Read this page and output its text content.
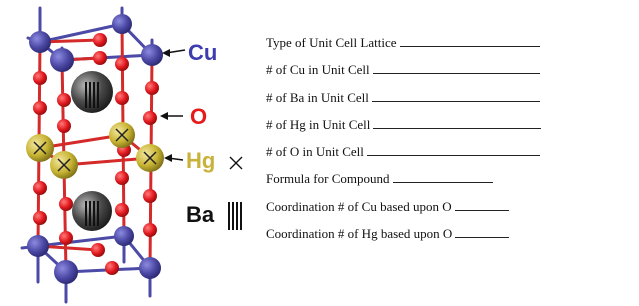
Cu
O
Hg
Ba
Type of Unit Cell Lattice
# of Cu in Unit Cell
# of Ba in Unit Cell
# of Hg in Unit Cell
# of O in Unit Cell
Formula for Compound
Coordination # of Cu based upon O
Coordination # of Hg based upon O
